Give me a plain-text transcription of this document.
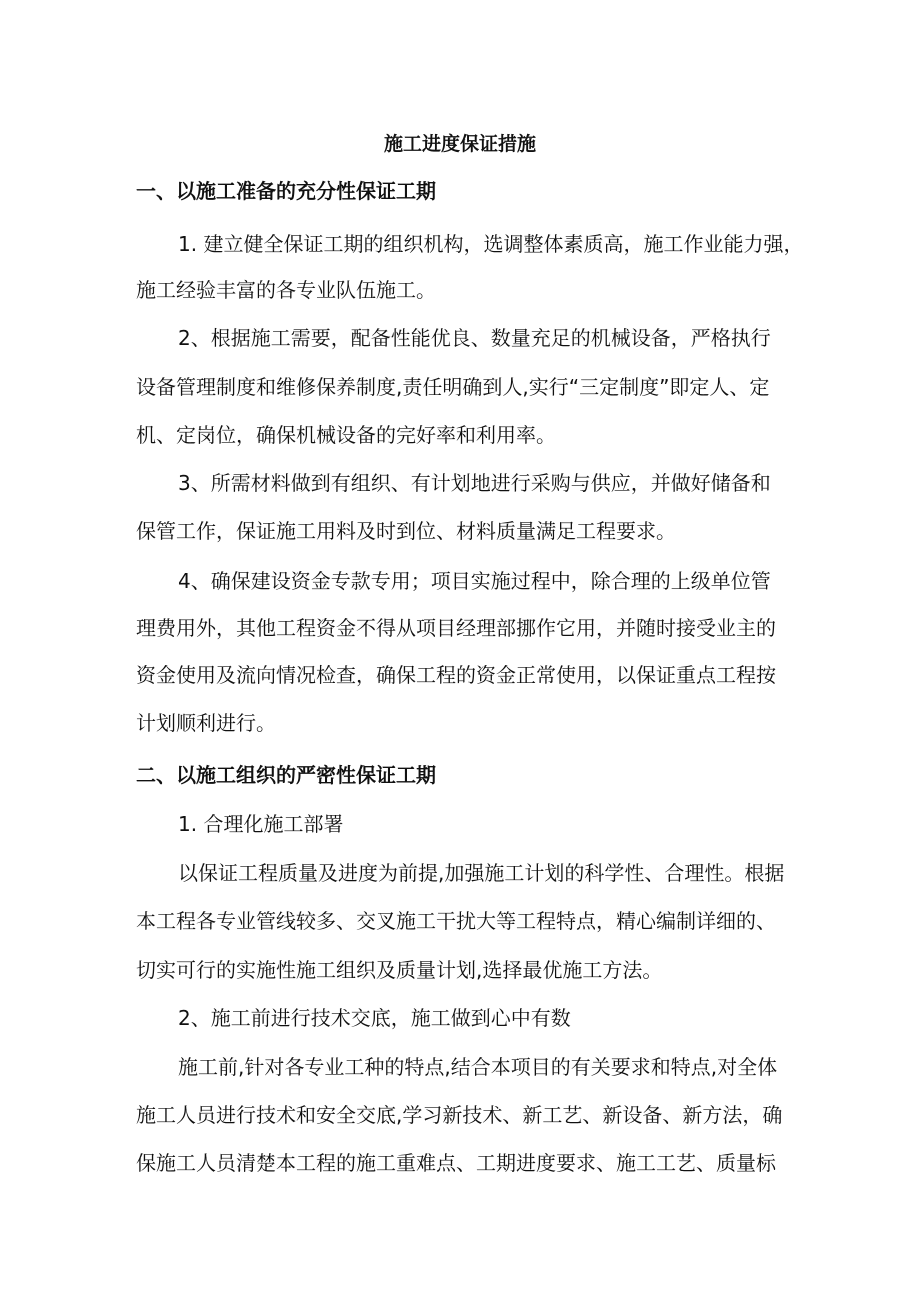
施工进度保证措施

一、以施工准备的充分性保证工期

1. 建立健全保证工期的组织机构，选调整体素质高，施工作业能力强，

施工经验丰富的各专业队伍施工。

2、根据施工需要，配备性能优良、数量充足的机械设备，严格执行

设备管理制度和维修保养制度,责任明确到人,实行“三定制度”即定人、定

机、定岗位，确保机械设备的完好率和利用率。

3、所需材料做到有组织、有计划地进行采购与供应，并做好储备和

保管工作，保证施工用料及时到位、材料质量满足工程要求。

4、确保建设资金专款专用；项目实施过程中，除合理的上级单位管

理费用外，其他工程资金不得从项目经理部挪作它用，并随时接受业主的

资金使用及流向情况检查，确保工程的资金正常使用，以保证重点工程按

计划顺利进行。

二、以施工组织的严密性保证工期

1. 合理化施工部署

以保证工程质量及进度为前提,加强施工计划的科学性、合理性。根据

本工程各专业管线较多、交叉施工干扰大等工程特点，精心编制详细的、

切实可行的实施性施工组织及质量计划,选择最优施工方法。

2、施工前进行技术交底，施工做到心中有数

施工前,针对各专业工种的特点,结合本项目的有关要求和特点,对全体

施工人员进行技术和安全交底,学习新技术、新工艺、新设备、新方法，确

保施工人员清楚本工程的施工重难点、工期进度要求、施工工艺、质量标
